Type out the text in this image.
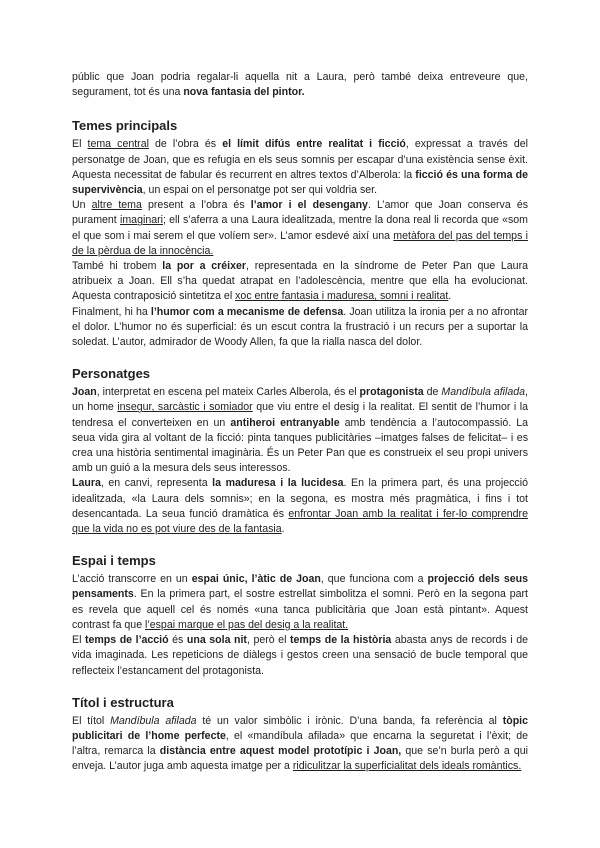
públic que Joan podria regalar-li aquella nit a Laura, però també deixa entreveure que, segurament, tot és una nova fantasia del pintor.

Temes principals

El tema central de l’obra és el límit difús entre realitat i ficció, expressat a través del personatge de Joan, que es refugia en els seus somnis per escapar d’una existència sense èxit. Aquesta necessitat de fabular és recurrent en altres textos d’Alberola: la ficció és una forma de supervivència, un espai on el personatge pot ser qui voldria ser.

Un altre tema present a l’obra és l’amor i el desengany. L’amor que Joan conserva és purament imaginari; ell s’aferra a una Laura idealitzada, mentre la dona real li recorda que «som el que som i mai serem el que volíem ser». L’amor esdevé així una metàfora del pas del temps i de la pèrdua de la innocència.

També hi trobem la por a créixer, representada en la síndrome de Peter Pan que Laura atribueix a Joan. Ell s’ha quedat atrapat en l’adolescència, mentre que ella ha evolucionat. Aquesta contraposició sintetitza el xoc entre fantasia i maduresa, somni i realitat.

Finalment, hi ha l’humor com a mecanisme de defensa. Joan utilitza la ironia per a no afrontar el dolor. L’humor no és superficial: és un escut contra la frustració i un recurs per a suportar la soledat. L’autor, admirador de Woody Allen, fa que la rialla nasca del dolor.

Personatges

Joan, interpretat en escena pel mateix Carles Alberola, és el protagonista de Mandíbula afilada, un home insegur, sarcàstic i somiador que viu entre el desig i la realitat. El sentit de l’humor i la tendresa el converteixen en un antiheroi entranyable amb tendència a l’autocompassió. La seua vida gira al voltant de la ficció: pinta tanques publicitàries –imatges falses de felicitat– i es crea una història sentimental imaginària. És un Peter Pan que es construeix el seu propi univers amb un guió a la mesura dels seus interessos.

Laura, en canvi, representa la maduresa i la lucidesa. En la primera part, és una projecció idealitzada, «la Laura dels somnis»; en la segona, es mostra més pragmàtica, i fins i tot desencantada. La seua funció dramàtica és enfrontar Joan amb la realitat i fer-lo comprendre que la vida no es pot viure des de la fantasia.

Espai i temps

L’acció transcorre en un espai únic, l’àtic de Joan, que funciona com a projecció dels seus pensaments. En la primera part, el sostre estrellat simbolitza el somni. Però en la segona part es revela que aquell cel és només «una tanca publicitària que Joan està pintant». Aquest contrast fa que l’espai marque el pas del desig a la realitat.

El temps de l’acció és una sola nit, però el temps de la història abasta anys de records i de vida imaginada. Les repeticions de diàlegs i gestos creen una sensació de bucle temporal que reflecteix l’estancament del protagonista.

Títol i estructura

El títol Mandíbula afilada té un valor simbòlic i irònic. D’una banda, fa referència al tòpic publicitari de l’home perfecte, el «mandíbula afilada» que encarna la seguretat i l’èxit; de l’altra, remarca la distància entre aquest model prototípic i Joan, que se’n burla però a qui enveja. L’autor juga amb aquesta imatge per a ridiculitzar la superficialitat dels ideals romàntics.
